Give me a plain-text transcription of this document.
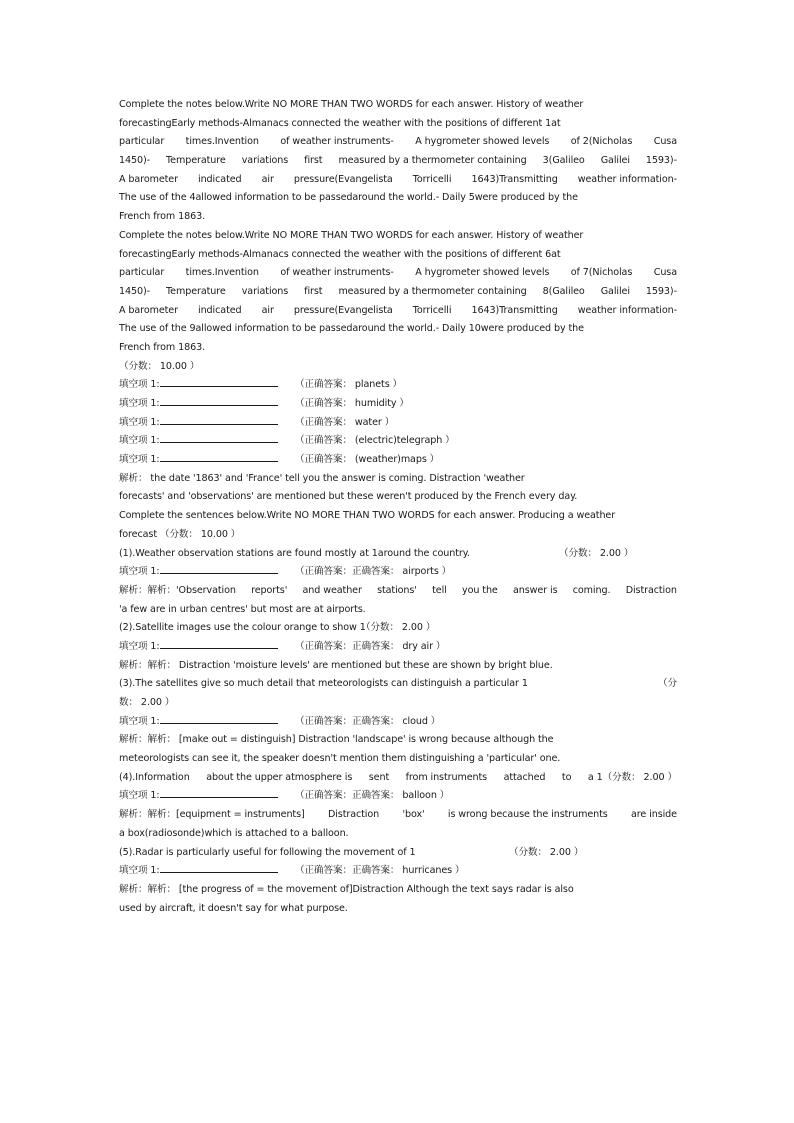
Complete the notes below.Write NO MORE THAN TWO WORDS for each answer. History of weather
forecastingEarly methods-Almanacs connected the weather with the positions of different 1at
particular times.Invention of weather instruments- A hygrometer showed levels of 2(Nicholas Cusa
1450)- Temperature variations first measured by a thermometer containing 3(Galileo Galilei 1593)-
A barometer indicated air pressure(Evangelista Torricelli 1643)Transmitting weather information-
The use of the 4allowed information to be passedaround the world.- Daily 5were produced by the
French from 1863.
Complete the notes below.Write NO MORE THAN TWO WORDS for each answer. History of weather
forecastingEarly methods-Almanacs connected the weather with the positions of different 6at
particular times.Invention of weather instruments- A hygrometer showed levels of 7(Nicholas Cusa
1450)- Temperature variations first measured by a thermometer containing 8(Galileo Galilei 1593)-
A barometer indicated air pressure(Evangelista Torricelli 1643)Transmitting weather information-
The use of the 9allowed information to be passedaround the world.- Daily 10were produced by the
French from 1863.
（分数： 10.00 ）
填空项 1:	（正确答案： planets ）
填空项 1:	（正确答案： humidity ）
填空项 1:	（正确答案： water ）
填空项 1:	（正确答案： (electric)telegraph ）
填空项 1:	（正确答案： (weather)maps ）
解析： the date '1863' and 'France' tell you the answer is coming. Distraction 'weather
forecasts' and 'observations' are mentioned but these weren't produced by the French every day.
Complete the sentences below.Write NO MORE THAN TWO WORDS for each answer. Producing a weather
forecast （分数： 10.00 ）
(1).Weather observation stations are found mostly at 1around the country.	（分数： 2.00 ）
填空项 1:	（正确答案：正确答案： airports ）
解析：解析：'Observation reports' and weather stations' tell you the answer is coming. Distraction
'a few are in urban centres' but most are at airports.
(2).Satellite images use the colour orange to show 1
（分数： 2.00 ）
填空项 1:	（正确答案：正确答案： dry air ）
解析：解析： Distraction 'moisture levels' are mentioned but these are shown by bright blue.
(3).The satellites give so much detail that meteorologists can distinguish a particular 1	（分
数： 2.00 ）
填空项 1:	（正确答案：正确答案： cloud ）
解析：解析： [make out = distinguish] Distraction 'landscape' is wrong because although the
meteorologists can see it, the speaker doesn't mention them distinguishing a 'particular' one.
(4).Information about the upper atmosphere is sent from instruments attached to a 1（分数： 2.00 ）
填空项 1:	（正确答案：正确答案： balloon ）
解析：解析：[equipment = instruments] Distraction 'box' is wrong because the instruments are inside
a box(radiosonde)which is attached to a balloon.
(5).Radar is particularly useful for following the movement of 1	（分数： 2.00 ）
填空项 1:	（正确答案：正确答案： hurricanes ）
解析：解析： [the progress of = the movement of]Distraction Although the text says radar is also
used by aircraft, it doesn't say for what purpose.
